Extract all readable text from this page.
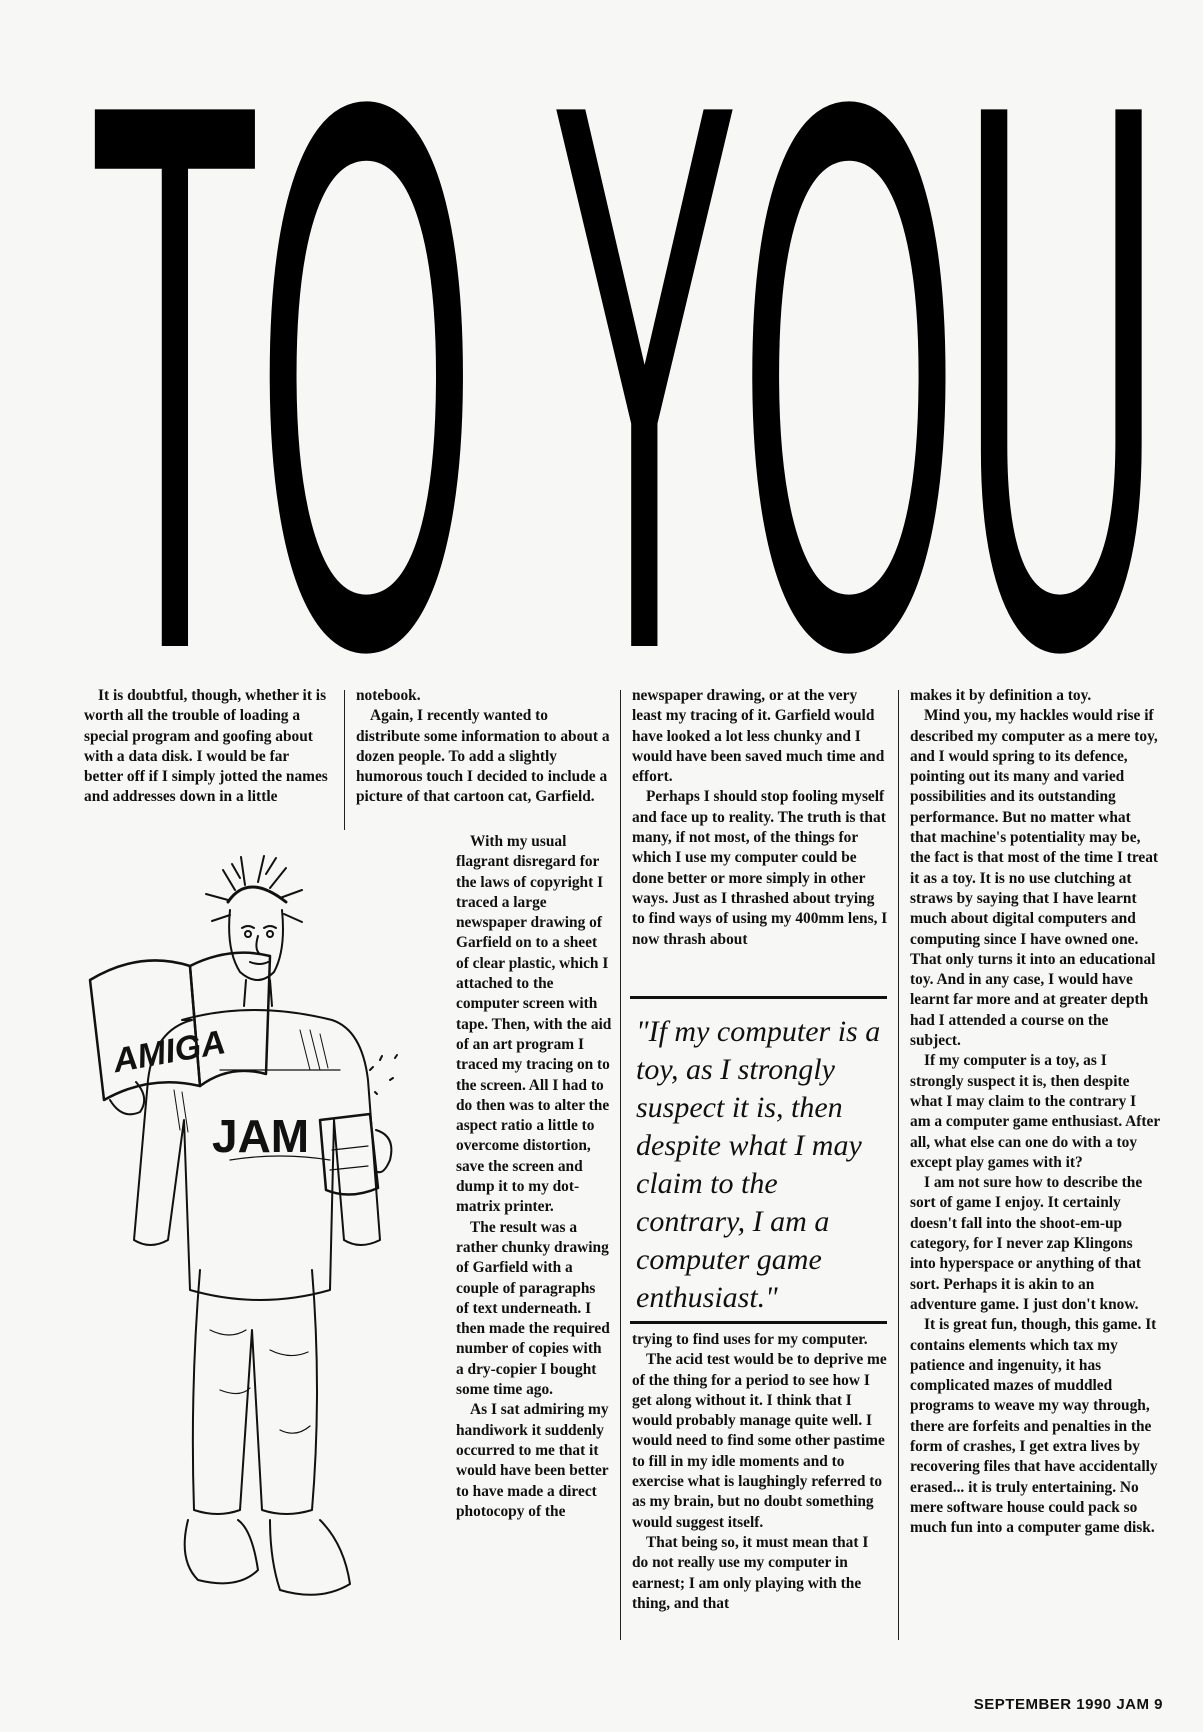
TO YOU

It is doubtful, though, whether it is worth all the trouble of loading a special program and goofing about with a data disk. I would be far better off if I simply jotted the names and addresses down in a little

notebook.

Again, I recently wanted to distribute some information to about a dozen people. To add a slightly humorous touch I decided to include a picture of that cartoon cat, Garfield.

With my usual flagrant disregard for the laws of copyright I traced a large newspaper drawing of Garfield on to a sheet of clear plastic, which I attached to the computer screen with tape. Then, with the aid of an art program I traced my tracing on to the screen. All I had to do then was to alter the aspect ratio a little to overcome distortion, save the screen and dump it to my dot-matrix printer.

The result was a rather chunky drawing of Garfield with a couple of paragraphs of text underneath. I then made the required number of copies with a dry-copier I bought some time ago.

As I sat admiring my handiwork it suddenly occurred to me that it would have been better to have made a direct photocopy of the

newspaper drawing, or at the very least my tracing of it. Garfield would have looked a lot less chunky and I would have been saved much time and effort.

Perhaps I should stop fooling myself and face up to reality. The truth is that many, if not most, of the things for which I use my computer could be done better or more simply in other ways. Just as I thrashed about trying to find ways of using my 400mm lens, I now thrash about

"If my computer is a toy, as I strongly suspect it is, then despite what I may claim to the contrary, I am a computer game enthusiast."

trying to find uses for my computer.

The acid test would be to deprive me of the thing for a period to see how I get along without it. I think that I would probably manage quite well. I would need to find some other pastime to fill in my idle moments and to exercise what is laughingly referred to as my brain, but no doubt something would suggest itself.

That being so, it must mean that I do not really use my computer in earnest; I am only playing with the thing, and that

makes it by definition a toy.

Mind you, my hackles would rise if described my computer as a mere toy, and I would spring to its defence, pointing out its many and varied possibilities and its outstanding performance. But no matter what that machine's potentiality may be, the fact is that most of the time I treat it as a toy. It is no use clutching at straws by saying that I have learnt much about digital computers and computing since I have owned one. That only turns it into an educational toy. And in any case, I would have learnt far more and at greater depth had I attended a course on the subject.

If my computer is a toy, as I strongly suspect it is, then despite what I may claim to the contrary I am a computer game enthusiast. After all, what else can one do with a toy except play games with it?

I am not sure how to describe the sort of game I enjoy. It certainly doesn't fall into the shoot-em-up category, for I never zap Klingons into hyperspace or anything of that sort. Perhaps it is akin to an adventure game. I just don't know.

It is great fun, though, this game. It contains elements which tax my patience and ingenuity, it has complicated mazes of muddled programs to weave my way through, there are forfeits and penalties in the form of crashes, I get extra lives by recovering files that have accidentally erased... it is truly entertaining. No mere software house could pack so much fun into a computer game disk.

JAM
AMIGA
SEPTEMBER 1990 JAM 9
